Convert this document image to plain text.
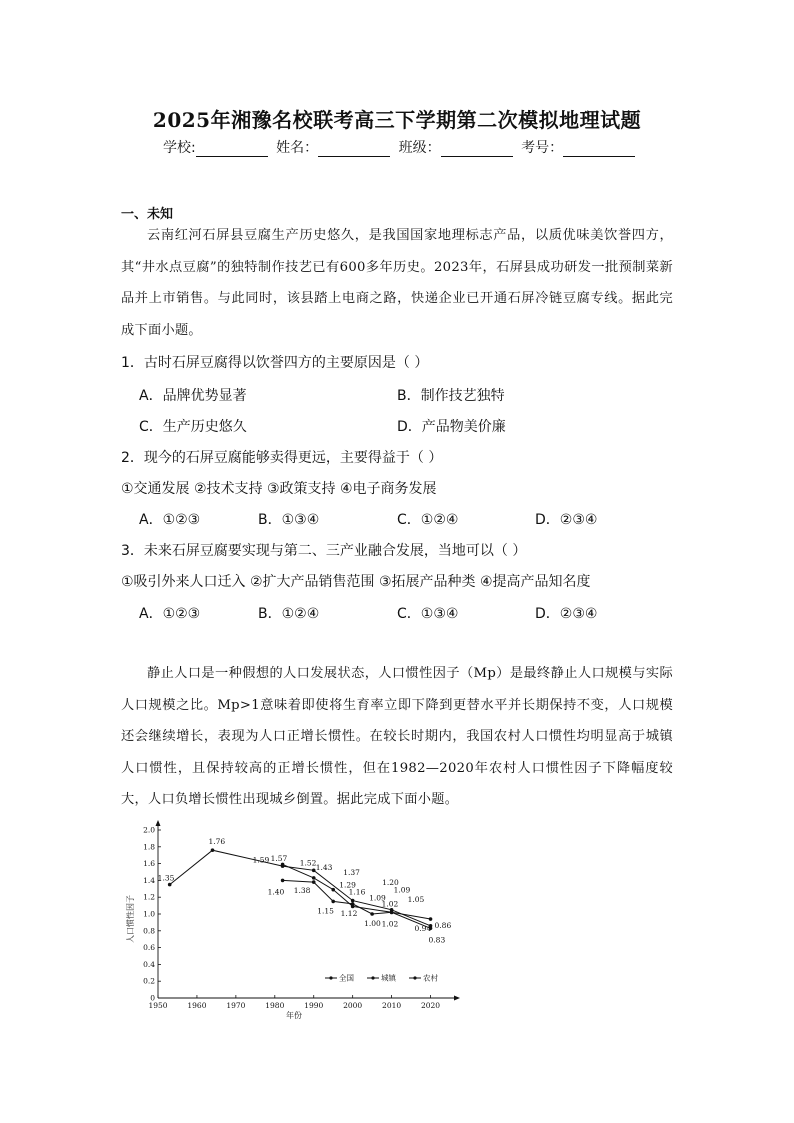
2025年湘豫名校联考高三下学期第二次模拟地理试题
学校:	姓名：	班级：	考号：
一、未知
云南红河石屏县豆腐生产历史悠久，是我国国家地理标志产品，以质优味美饮誉四方，其“井水点豆腐”的独特制作技艺已有600多年历史。2023年，石屏县成功研发一批预制菜新品并上市销售。与此同时，该县踏上电商之路，快递企业已开通石屏冷链豆腐专线。据此完成下面小题。
1．古时石屏豆腐得以饮誉四方的主要原因是（ ）
A．品牌优势显著	B．制作技艺独特
C．生产历史悠久	D．产品物美价廉
2．现今的石屏豆腐能够卖得更远，主要得益于（ ）
①交通发展 ②技术支持 ③政策支持 ④电子商务发展
A．①②③	B．①③④	C．①②④	D．②③④
3．未来石屏豆腐要实现与第二、三产业融合发展，当地可以（ ）
①吸引外来人口迁入 ②扩大产品销售范围 ③拓展产品种类 ④提高产品知名度
A．①②③	B．①②④	C．①③④	D．②③④
静止人口是一种假想的人口发展状态，人口惯性因子（Mp）是最终静止人口规模与实际人口规模之比。Mp>1意味着即使将生育率立即下降到更替水平并长期保持不变，人口规模还会继续增长，表现为人口正增长惯性。在较长时期内，我国农村人口惯性均明显高于城镇人口惯性，且保持较高的正增长惯性，但在1982—2020年农村人口惯性因子下降幅度较大，人口负增长惯性出现城乡倒置。据此完成下面小题。
1950	1960	1970	1980	1990	2000	2010	2020
0
0.2
0.4
0.6
0.8
1.0
1.2
1.4
1.6
1.8
2.0
年份
人口惯性因子
1.35
1.76
1.57
1.59
1.40
1.52
1.43
1.38
1.37
1.29
1.15
1.16
1.20
1.12
1.09
1.09	1.05
1.02
1.00 1.02
0.94 0.86
0.83
全国	城镇	农村
